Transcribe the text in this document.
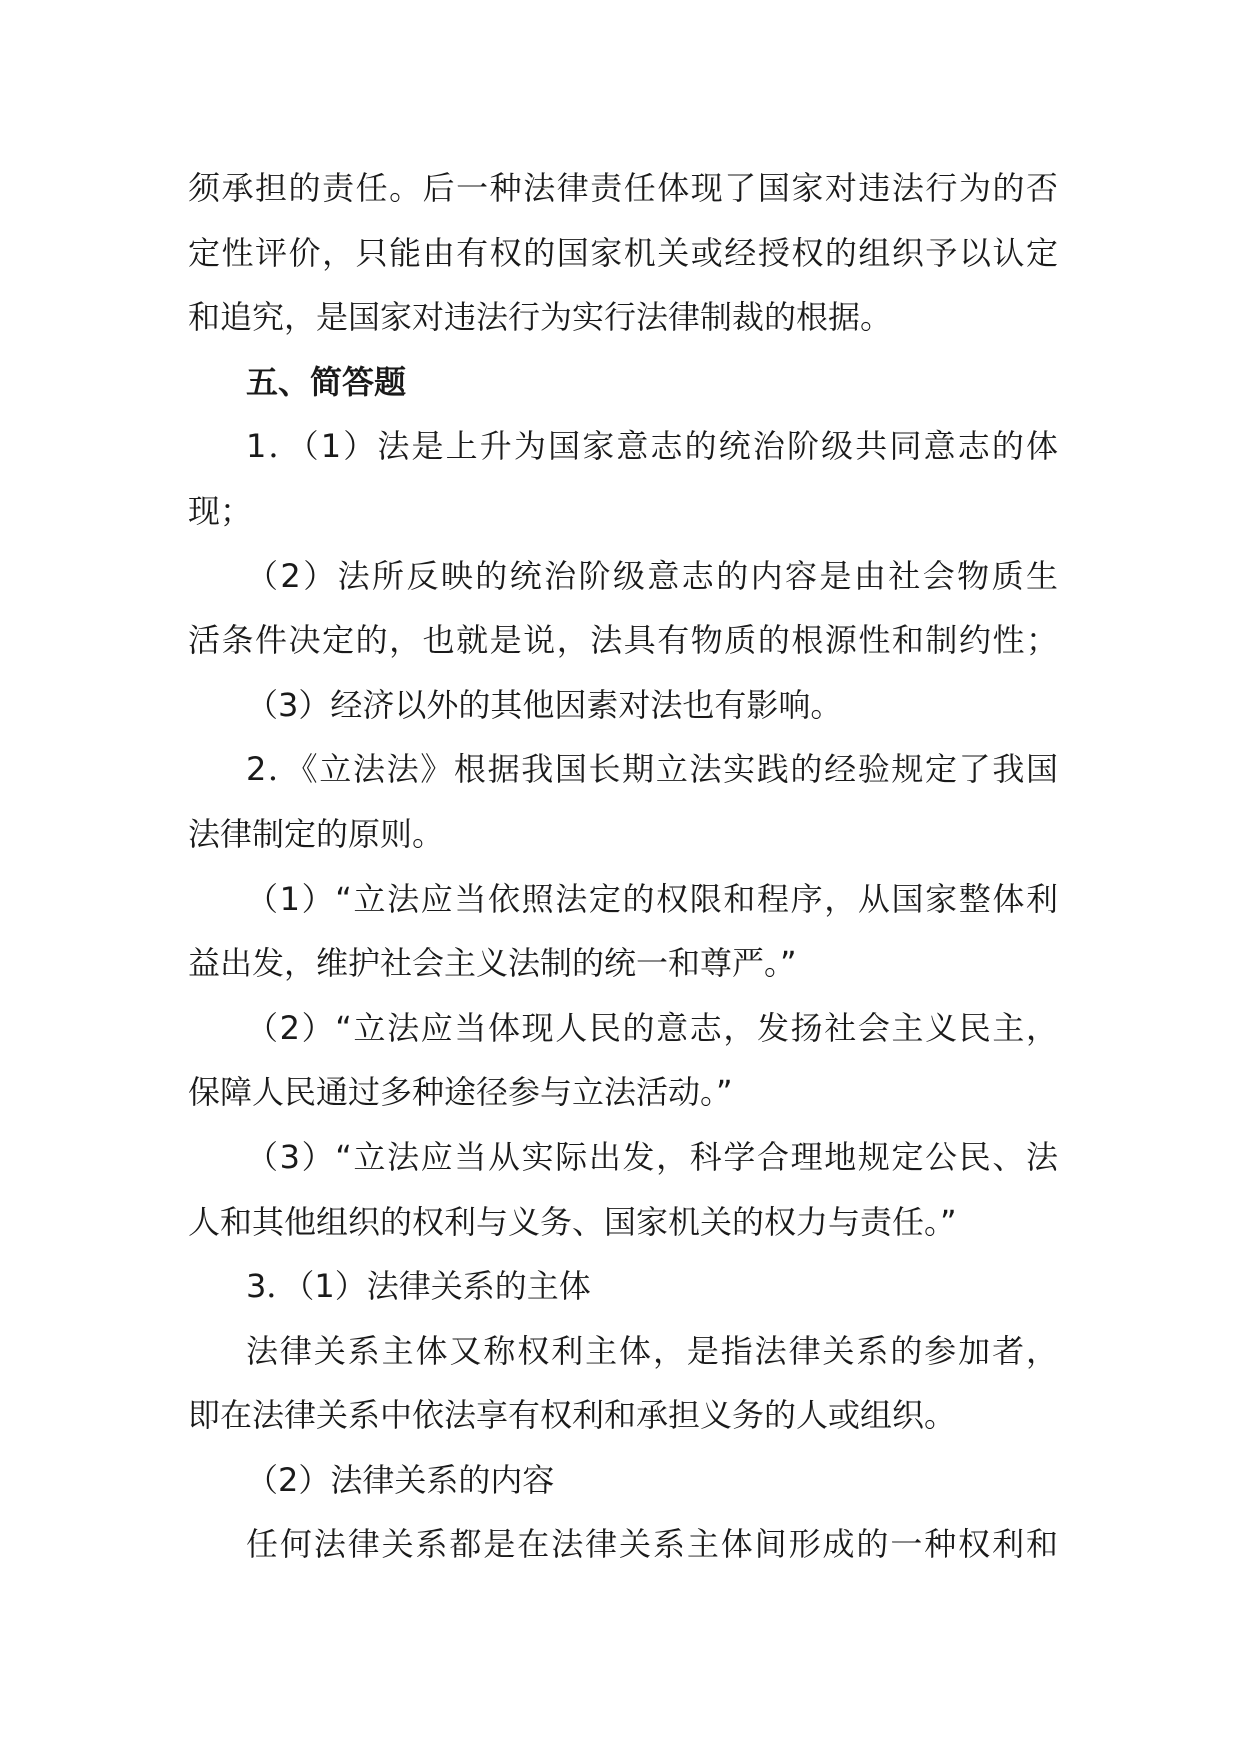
须承担的责任。后一种法律责任体现了国家对违法行为的否
定性评价，只能由有权的国家机关或经授权的组织予以认定
和追究，是国家对违法行为实行法律制裁的根据。
五、简答题
1．（1）法是上升为国家意志的统治阶级共同意志的体
现；
（2）法所反映的统治阶级意志的内容是由社会物质生
活条件决定的，也就是说，法具有物质的根源性和制约性；
（3）经济以外的其他因素对法也有影响。
2．《立法法》根据我国长期立法实践的经验规定了我国
法律制定的原则。
（1）“立法应当依照法定的权限和程序，从国家整体利
益出发，维护社会主义法制的统一和尊严。”
（2）“立法应当体现人民的意志，发扬社会主义民主，
保障人民通过多种途径参与立法活动。”
（3）“立法应当从实际出发，科学合理地规定公民、法
人和其他组织的权利与义务、国家机关的权力与责任。”
3．（1）法律关系的主体
法律关系主体又称权利主体，是指法律关系的参加者，
即在法律关系中依法享有权利和承担义务的人或组织。
（2）法律关系的内容
任何法律关系都是在法律关系主体间形成的一种权利和
